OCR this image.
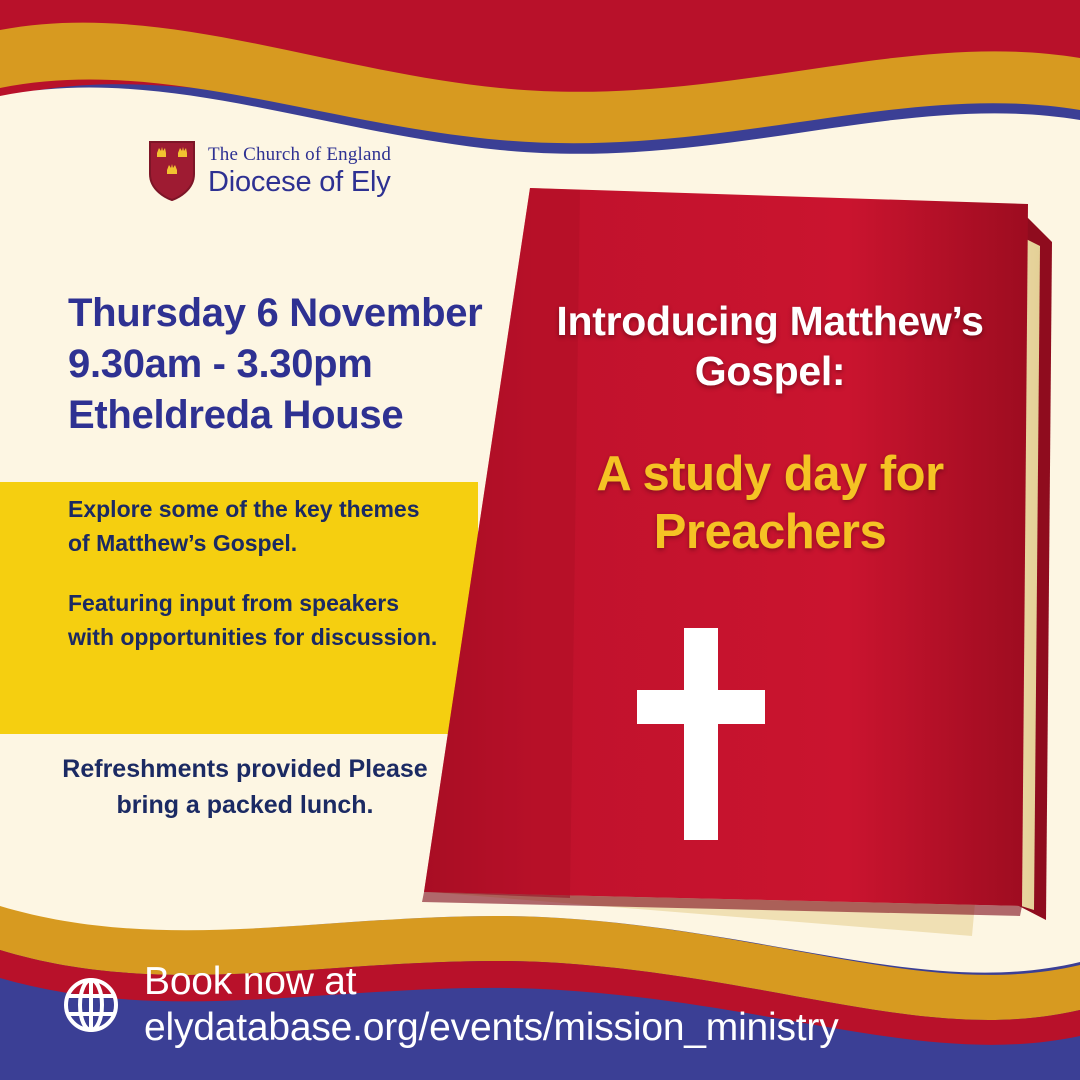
The Church of England
Diocese of Ely
Thursday 6 November
9.30am - 3.30pm
Etheldreda House

Explore some of the key themes of Matthew’s Gospel.

Featuring input from speakers with opportunities for discussion.

Refreshments provided Please bring a packed lunch.
Introducing Matthew’s Gospel:
A study day for Preachers
Book now at
elydatabase.org/events/mission_ministry
